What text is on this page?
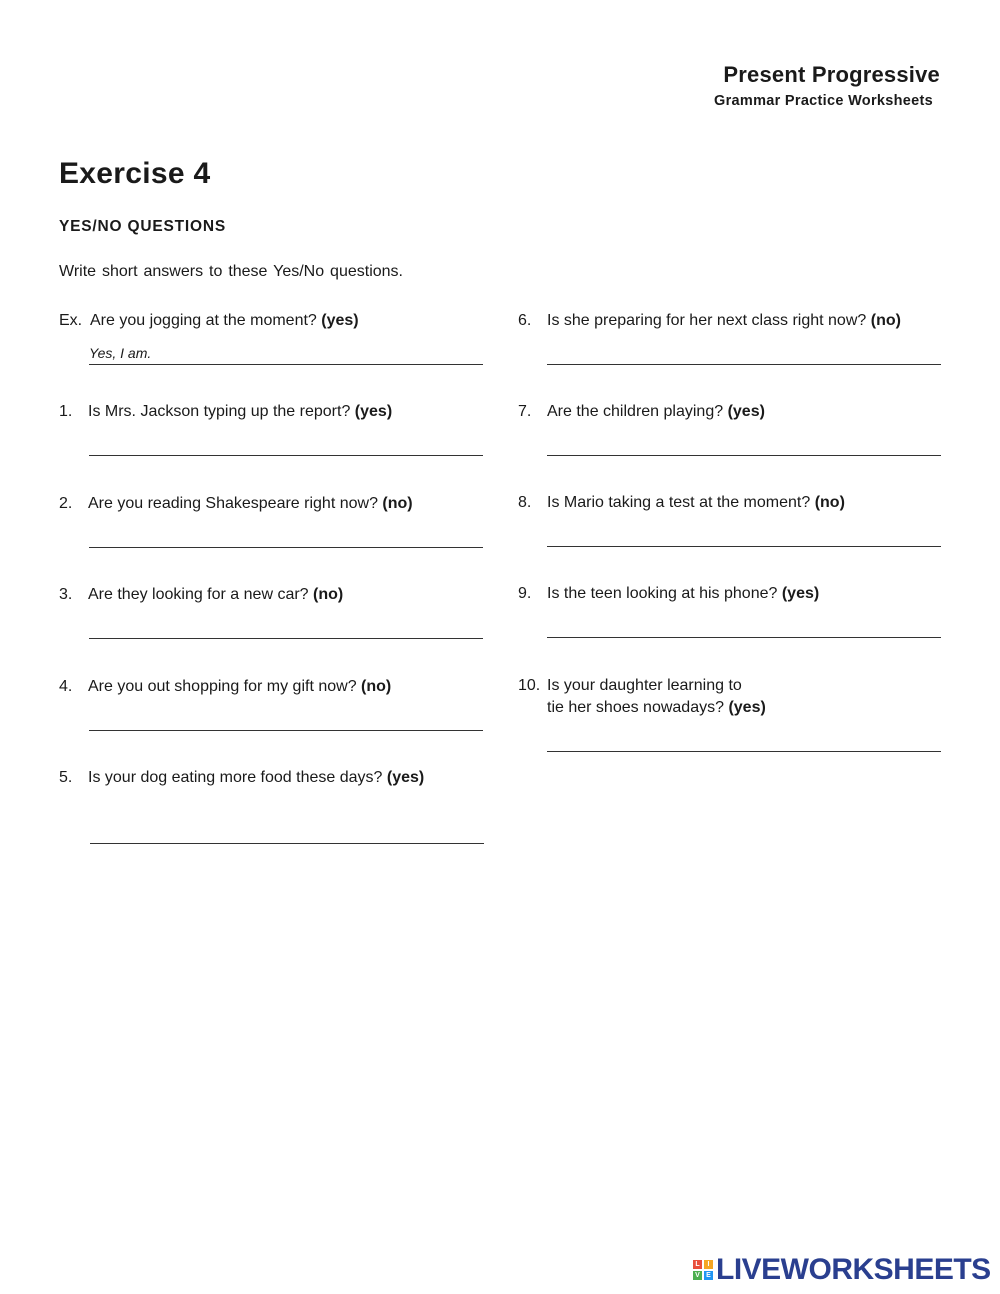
Present Progressive
Grammar Practice Worksheets
Exercise 4
YES/NO QUESTIONS
Write short answers to these Yes/No questions.
Ex. Are you jogging at the moment? (yes)
Yes, I am.
1. Is Mrs. Jackson typing up the report? (yes)
2. Are you reading Shakespeare right now? (no)
3. Are they looking for a new car? (no)
4. Are you out shopping for my gift now? (no)
5. Is your dog eating more food these days? (yes)
6. Is she preparing for her next class right now? (no)
7. Are the children playing? (yes)
8. Is Mario taking a test at the moment? (no)
9. Is the teen looking at his phone? (yes)
10. Is your daughter learning to
tie her shoes nowadays? (yes)
L	I
V E LIVEWORKSHEETS
